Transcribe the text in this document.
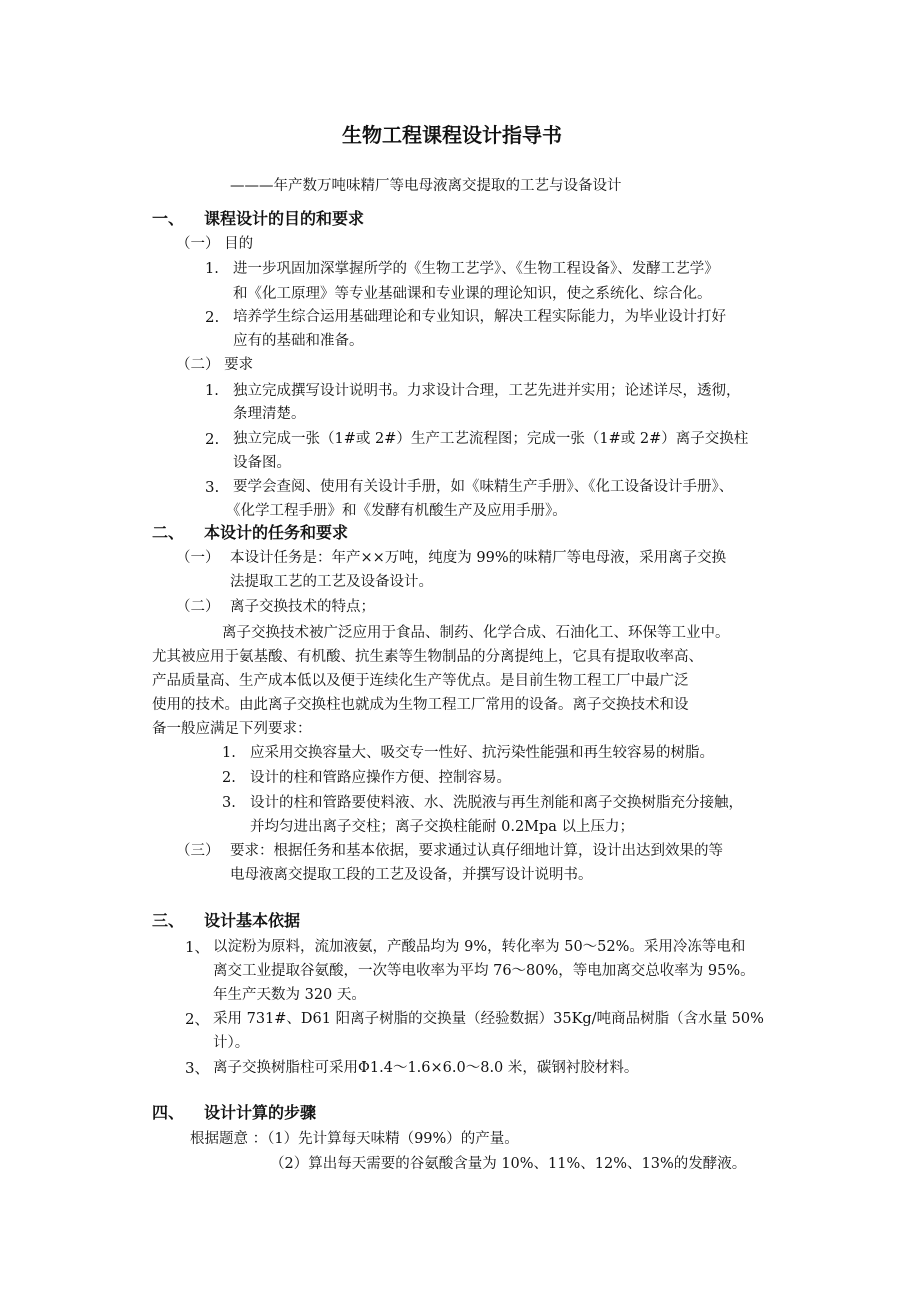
生物工程课程设计指导书
———年产数万吨味精厂等电母液离交提取的工艺与设备设计
一、 课程设计的目的和要求
（一） 目的
1. 进一步巩固加深掌握所学的《生物工艺学》、《生物工程设备》、发酵工艺学》
和《化工原理》等专业基础课和专业课的理论知识，使之系统化、综合化。
2. 培养学生综合运用基础理论和专业知识，解决工程实际能力，为毕业设计打好
应有的基础和准备。
（二） 要求
1. 独立完成撰写设计说明书。力求设计合理，工艺先进并实用；论述详尽，透彻，
条理清楚。
2. 独立完成一张（1#或 2#）生产工艺流程图；完成一张（1#或 2#）离子交换柱
设备图。
3. 要学会查阅、使用有关设计手册，如《味精生产手册》、《化工设备设计手册》、
《化学工程手册》和《发酵有机酸生产及应用手册》。
二、 本设计的任务和要求
（一） 本设计任务是：年产××万吨，纯度为 99%的味精厂等电母液，采用离子交换
法提取工艺的工艺及设备设计。
（二） 离子交换技术的特点；
离子交换技术被广泛应用于食品、制药、化学合成、石油化工、环保等工业中。
尤其被应用于氨基酸、有机酸、抗生素等生物制品的分离提纯上，它具有提取收率高、
产品质量高、生产成本低以及便于连续化生产等优点。是目前生物工程工厂中最广泛
使用的技术。由此离子交换柱也就成为生物工程工厂常用的设备。离子交换技术和设
备一般应满足下列要求：
1. 应采用交换容量大、吸交专一性好、抗污染性能强和再生较容易的树脂。
2. 设计的柱和管路应操作方便、控制容易。
3. 设计的柱和管路要使料液、水、洗脱液与再生剂能和离子交换树脂充分接触，
并均匀进出离子交柱；离子交换柱能耐 0.2Mpa 以上压力；
（三） 要求：根据任务和基本依据，要求通过认真仔细地计算，设计出达到效果的等
电母液离交提取工段的工艺及设备，并撰写设计说明书。
三、 设计基本依据
1、 以淀粉为原料，流加液氨，产酸品均为 9%，转化率为 50～52%。采用冷冻等电和
离交工业提取谷氨酸，一次等电收率为平均 76～80%，等电加离交总收率为 95%。
年生产天数为 320 天。
2、 采用 731#、D61 阳离子树脂的交换量（经验数据）35Kg/吨商品树脂（含水量 50%
计）。
3、 离子交换树脂柱可采用Φ1.4～1.6×6.0～8.0 米，碳钢衬胶材料。
四、 设计计算的步骤
根据题意 ：（1）先计算每天味精（99%）的产量。
（2）算出每天需要的谷氨酸含量为 10%、11%、12%、13%的发酵液。
